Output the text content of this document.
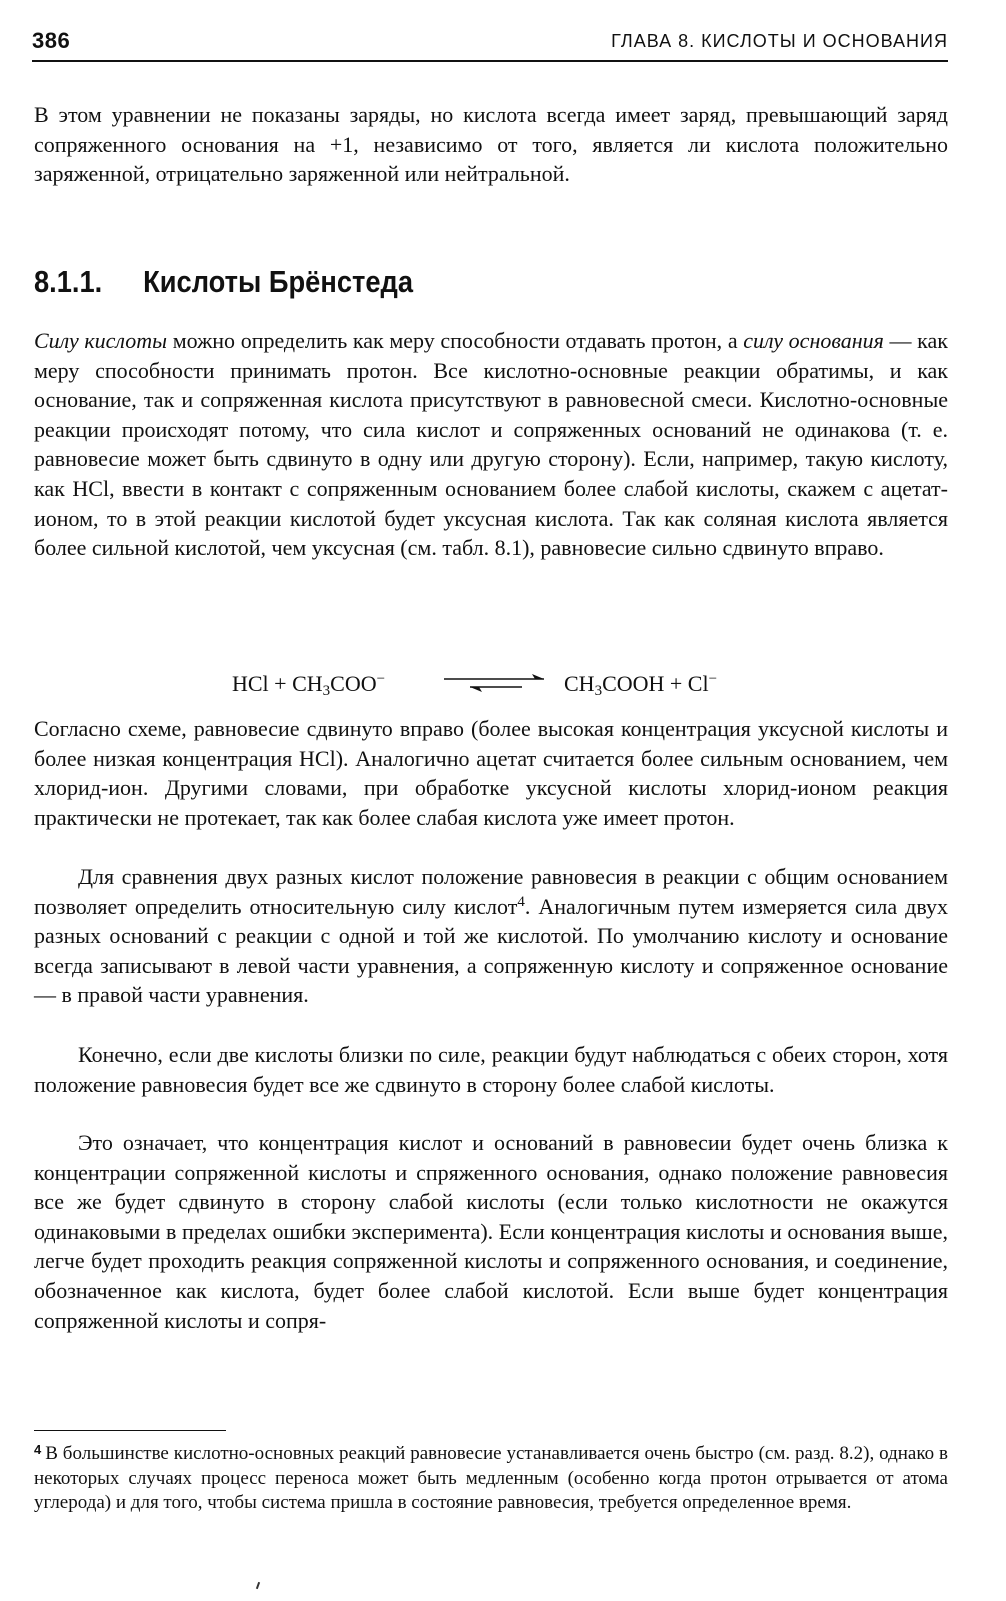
386	ГЛАВА 8. КИСЛОТЫ И ОСНОВАНИЯ

В этом уравнении не показаны заряды, но кислота всегда имеет заряд, превышающий заряд сопряженного основания на +1, независимо от того, является ли кислота положительно заряженной, отрицательно заряженной или нейтральной.

8.1.1. Кислоты Брёнстеда

Силу кислоты можно определить как меру способности отдавать протон, а силу основания — как меру способности принимать протон. Все кислотно-основные реакции обратимы, и как основание, так и сопряженная кислота присутствуют в равновесной смеси. Кислотно-основные реакции происходят потому, что сила кислот и сопряженных оснований не одинакова (т. е. равновесие может быть сдвинуто в одну или другую сторону). Если, например, такую кислоту, как HCl, ввести в контакт с сопряженным основанием более слабой кислоты, скажем с ацетат-ионом, то в этой реакции кислотой будет уксусная кислота. Так как соляная кислота является более сильной кислотой, чем уксусная (см. табл. 8.1), равновесие сильно сдвинуто вправо.

HCl + $CH_3COO^-$	$CH_3COOH + Cl^-$

Согласно схеме, равновесие сдвинуто вправо (более высокая концентрация уксусной кислоты и более низкая концентрация HCl). Аналогично ацетат считается более сильным основанием, чем хлорид-ион. Другими словами, при обработке уксусной кислоты хлорид-ионом реакция практически не протекает, так как более слабая кислота уже имеет протон.

Для сравнения двух разных кислот положение равновесия в реакции с общим основанием позволяет определить относительную силу кислот$^4$. Аналогичным путем измеряется сила двух разных оснований с реакции с одной и той же кислотой. По умолчанию кислоту и основание всегда записывают в левой части уравнения, а сопряженную кислоту и сопряженное основание — в правой части уравнения.

Конечно, если две кислоты близки по силе, реакции будут наблюдаться с обеих сторон, хотя положение равновесия будет все же сдвинуто в сторону более слабой кислоты.

Это означает, что концентрация кислот и оснований в равновесии будет очень близка к концентрации сопряженной кислоты и спряженного основания, однако положение равновесия все же будет сдвинуто в сторону слабой кислоты (если только кислотности не окажутся одинаковыми в пределах ошибки эксперимента). Если концентрация кислоты и основания выше, легче будет проходить реакция сопряженной кислоты и сопряженного основания, и соединение, обозначенное как кислота, будет более слабой кислотой. Если выше будет концентрация сопряженной кислоты и сопря-

$^4$ В большинстве кислотно-основных реакций равновесие устанавливается очень быстро (см. разд. 8.2), однако в некоторых случаях процесс переноса может быть медленным (особенно когда протон отрывается от атома углерода) и для того, чтобы система пришла в состояние равновесия, требуется определенное время.
